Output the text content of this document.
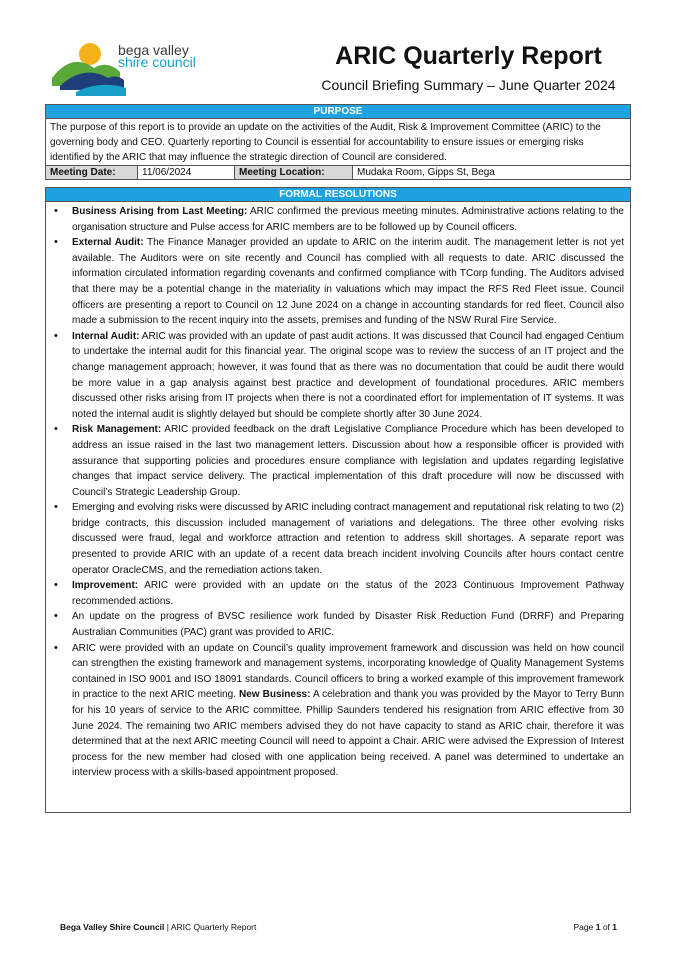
bega valley
shire council	ARIC Quarterly Report
Council Briefing Summary – June Quarter 2024
PURPOSE
The purpose of this report is to provide an update on the activities of the Audit, Risk & Improvement Committee (ARIC) to the governing body and CEO. Quarterly reporting to Council is essential for accountability to ensure issues or emerging risks identified by the ARIC that may influence the strategic direction of Council are considered.
Meeting Date:	11/06/2024	Meeting Location:	Mudaka Room, Gipps St, Bega
FORMAL RESOLUTIONS
• Business Arising from Last Meeting: ARIC confirmed the previous meeting minutes. Administrative actions relating to the organisation structure and Pulse access for ARIC members are to be followed up by Council officers.
• External Audit: The Finance Manager provided an update to ARIC on the interim audit. The management letter is not yet available. The Auditors were on site recently and Council has complied with all requests to date. ARIC discussed the information circulated information regarding covenants and confirmed compliance with TCorp funding. The Auditors advised that there may be a potential change in the materiality in valuations which may impact the RFS Red Fleet issue. Council officers are presenting a report to Council on 12 June 2024 on a change in accounting standards for red fleet. Council also made a submission to the recent inquiry into the assets, premises and funding of the NSW Rural Fire Service.
• Internal Audit: ARIC was provided with an update of past audit actions. It was discussed that Council had engaged Centium to undertake the internal audit for this financial year. The original scope was to review the success of an IT project and the change management approach; however, it was found that as there was no documentation that could be audit there would be more value in a gap analysis against best practice and development of foundational procedures. ARIC members discussed other risks arising from IT projects when there is not a coordinated effort for implementation of IT systems. It was noted the internal audit is slightly delayed but should be complete shortly after 30 June 2024.
• Risk Management: ARIC provided feedback on the draft Legislative Compliance Procedure which has been developed to address an issue raised in the last two management letters. Discussion about how a responsible officer is provided with assurance that supporting policies and procedures ensure compliance with legislation and updates regarding legislative changes that impact service delivery. The practical implementation of this draft procedure will now be discussed with Council’s Strategic Leadership Group.
• Emerging and evolving risks were discussed by ARIC including contract management and reputational risk relating to two (2) bridge contracts, this discussion included management of variations and delegations. The three other evolving risks discussed were fraud, legal and workforce attraction and retention to address skill shortages. A separate report was presented to provide ARIC with an update of a recent data breach incident involving Councils after hours contact centre operator OracleCMS, and the remediation actions taken.
• Improvement: ARIC were provided with an update on the status of the 2023 Continuous Improvement Pathway recommended actions.
• An update on the progress of BVSC resilience work funded by Disaster Risk Reduction Fund (DRRF) and Preparing Australian Communities (PAC) grant was provided to ARIC.
• ARIC were provided with an update on Council’s quality improvement framework and discussion was held on how council can strengthen the existing framework and management systems, incorporating knowledge of Quality Management Systems contained in ISO 9001 and ISO 18091 standards. Council officers to bring a worked example of this improvement framework in practice to the next ARIC meeting. New Business: A celebration and thank you was provided by the Mayor to Terry Bunn for his 10 years of service to the ARIC committee. Phillip Saunders tendered his resignation from ARIC effective from 30 June 2024. The remaining two ARIC members advised they do not have capacity to stand as ARIC chair, therefore it was determined that at the next ARIC meeting Council will need to appoint a Chair. ARIC were advised the Expression of Interest process for the new member had closed with one application being received. A panel was determined to undertake an interview process with a skills-based appointment proposed.
Bega Valley Shire Council | ARIC Quarterly Report	Page 1 of 1
